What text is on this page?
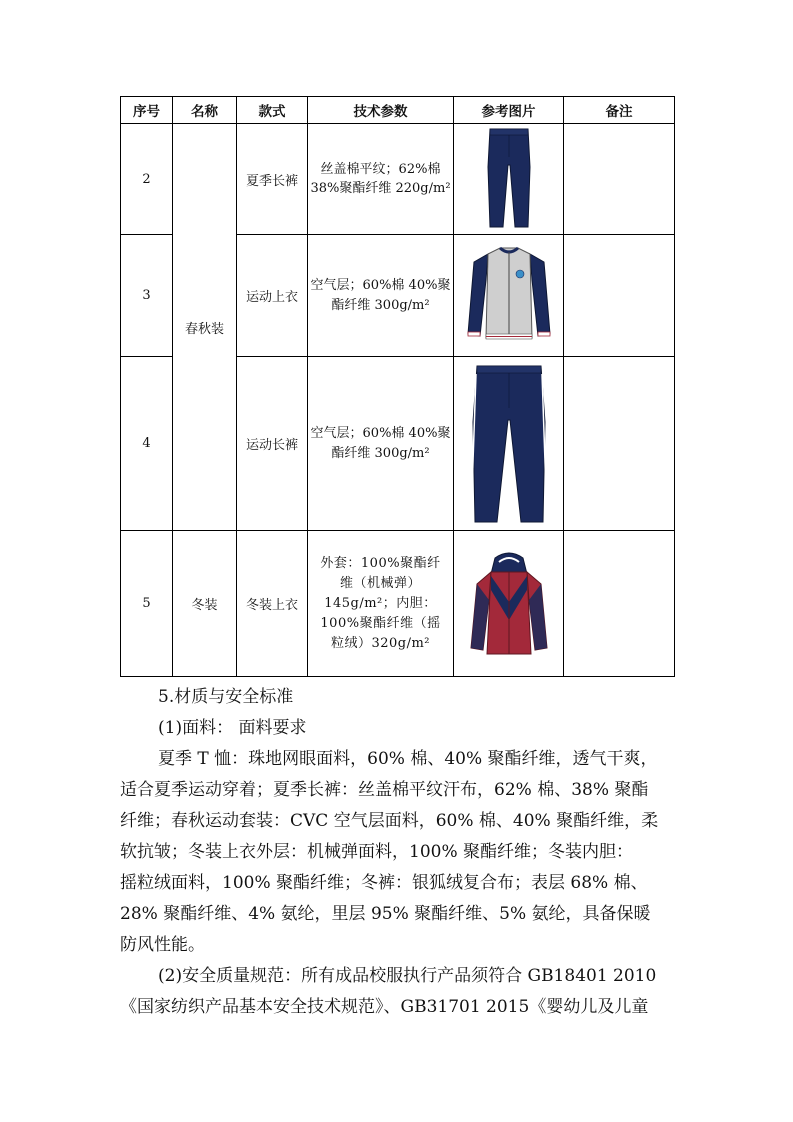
序号	名称	款式	技术参数	参考图片	备注
2	春秋装	夏季长裤	丝盖棉平纹；62%棉
38%聚酯纤维 220g/m²

3		运动上衣	空气层；60%棉 40%聚
酯纤维 300g/m²

4		运动长裤	空气层；60%棉 40%聚
酯纤维 300g/m²

5	冬装	冬装上衣	外套：100%聚酯纤
维（机械弹）
145g/m²；内胆：
100%聚酯纤维（摇
粒绒）320g/m²

5.材质与安全标准

(1)面料： 面料要求

夏季 T 恤：珠地网眼面料，60% 棉、40% 聚酯纤维，透气干爽，

适合夏季运动穿着；夏季长裤：丝盖棉平纹汗布，62% 棉、38% 聚酯

纤维；春秋运动套装：CVC 空气层面料，60% 棉、40% 聚酯纤维，柔

软抗皱；冬装上衣外层：机械弹面料，100% 聚酯纤维；冬装内胆：

摇粒绒面料，100% 聚酯纤维；冬裤：银狐绒复合布；表层 68% 棉、

28% 聚酯纤维、4% 氨纶，里层 95% 聚酯纤维、5% 氨纶，具备保暖

防风性能。

(2)安全质量规范：所有成品校服执行产品须符合 GB18401 2010

《国家纺织产品基本安全技术规范》、GB31701 2015《婴幼儿及儿童
